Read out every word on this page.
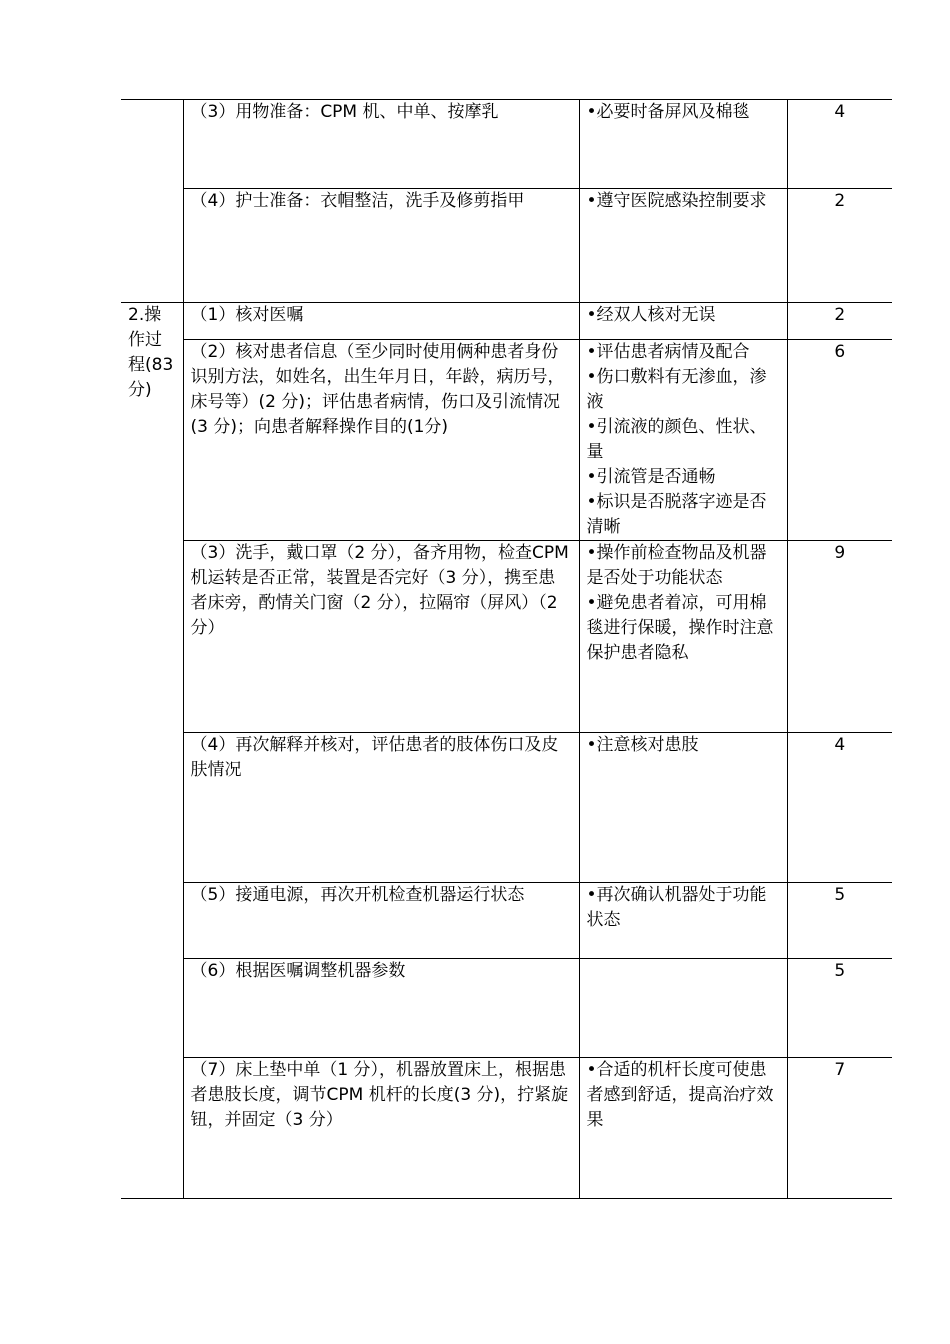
	（3）用物准备：CPM 机、中单、按摩乳	•必要时备屏风及棉毯	4
	（4）护士准备：衣帽整洁，洗手及修剪指甲	•遵守医院感染控制要求	2
2.操作过程(83分)	（1）核对医嘱	•经双人核对无误	2
	（2）核对患者信息（至少同时使用俩种患者身份识别方法，如姓名，出生年月日，年龄，病历号，床号等）(2 分)；评估患者病情，伤口及引流情况(3 分)；向患者解释操作目的(1分)	•评估患者病情及配合
•伤口敷料有无渗血，渗液
•引流液的颜色、性状、量
•引流管是否通畅
•标识是否脱落字迹是否清晰	6
	（3）洗手，戴口罩（2 分），备齐用物，检查CPM 机运转是否正常，装置是否完好（3 分），携至患者床旁，酌情关门窗（2 分），拉隔帘（屏风）（2 分）	•操作前检查物品及机器是否处于功能状态
•避免患者着凉，可用棉毯进行保暖，操作时注意保护患者隐私	9
	（4）再次解释并核对，评估患者的肢体伤口及皮肤情况	•注意核对患肢	4
	（5）接通电源，再次开机检查机器运行状态	•再次确认机器处于功能状态	5
	（6）根据医嘱调整机器参数		5
	（7）床上垫中单（1 分），机器放置床上，根据患者患肢长度，调节CPM 机杆的长度(3 分)，拧紧旋钮，并固定（3 分）	•合适的机杆长度可使患者感到舒适，提高治疗效果	7
